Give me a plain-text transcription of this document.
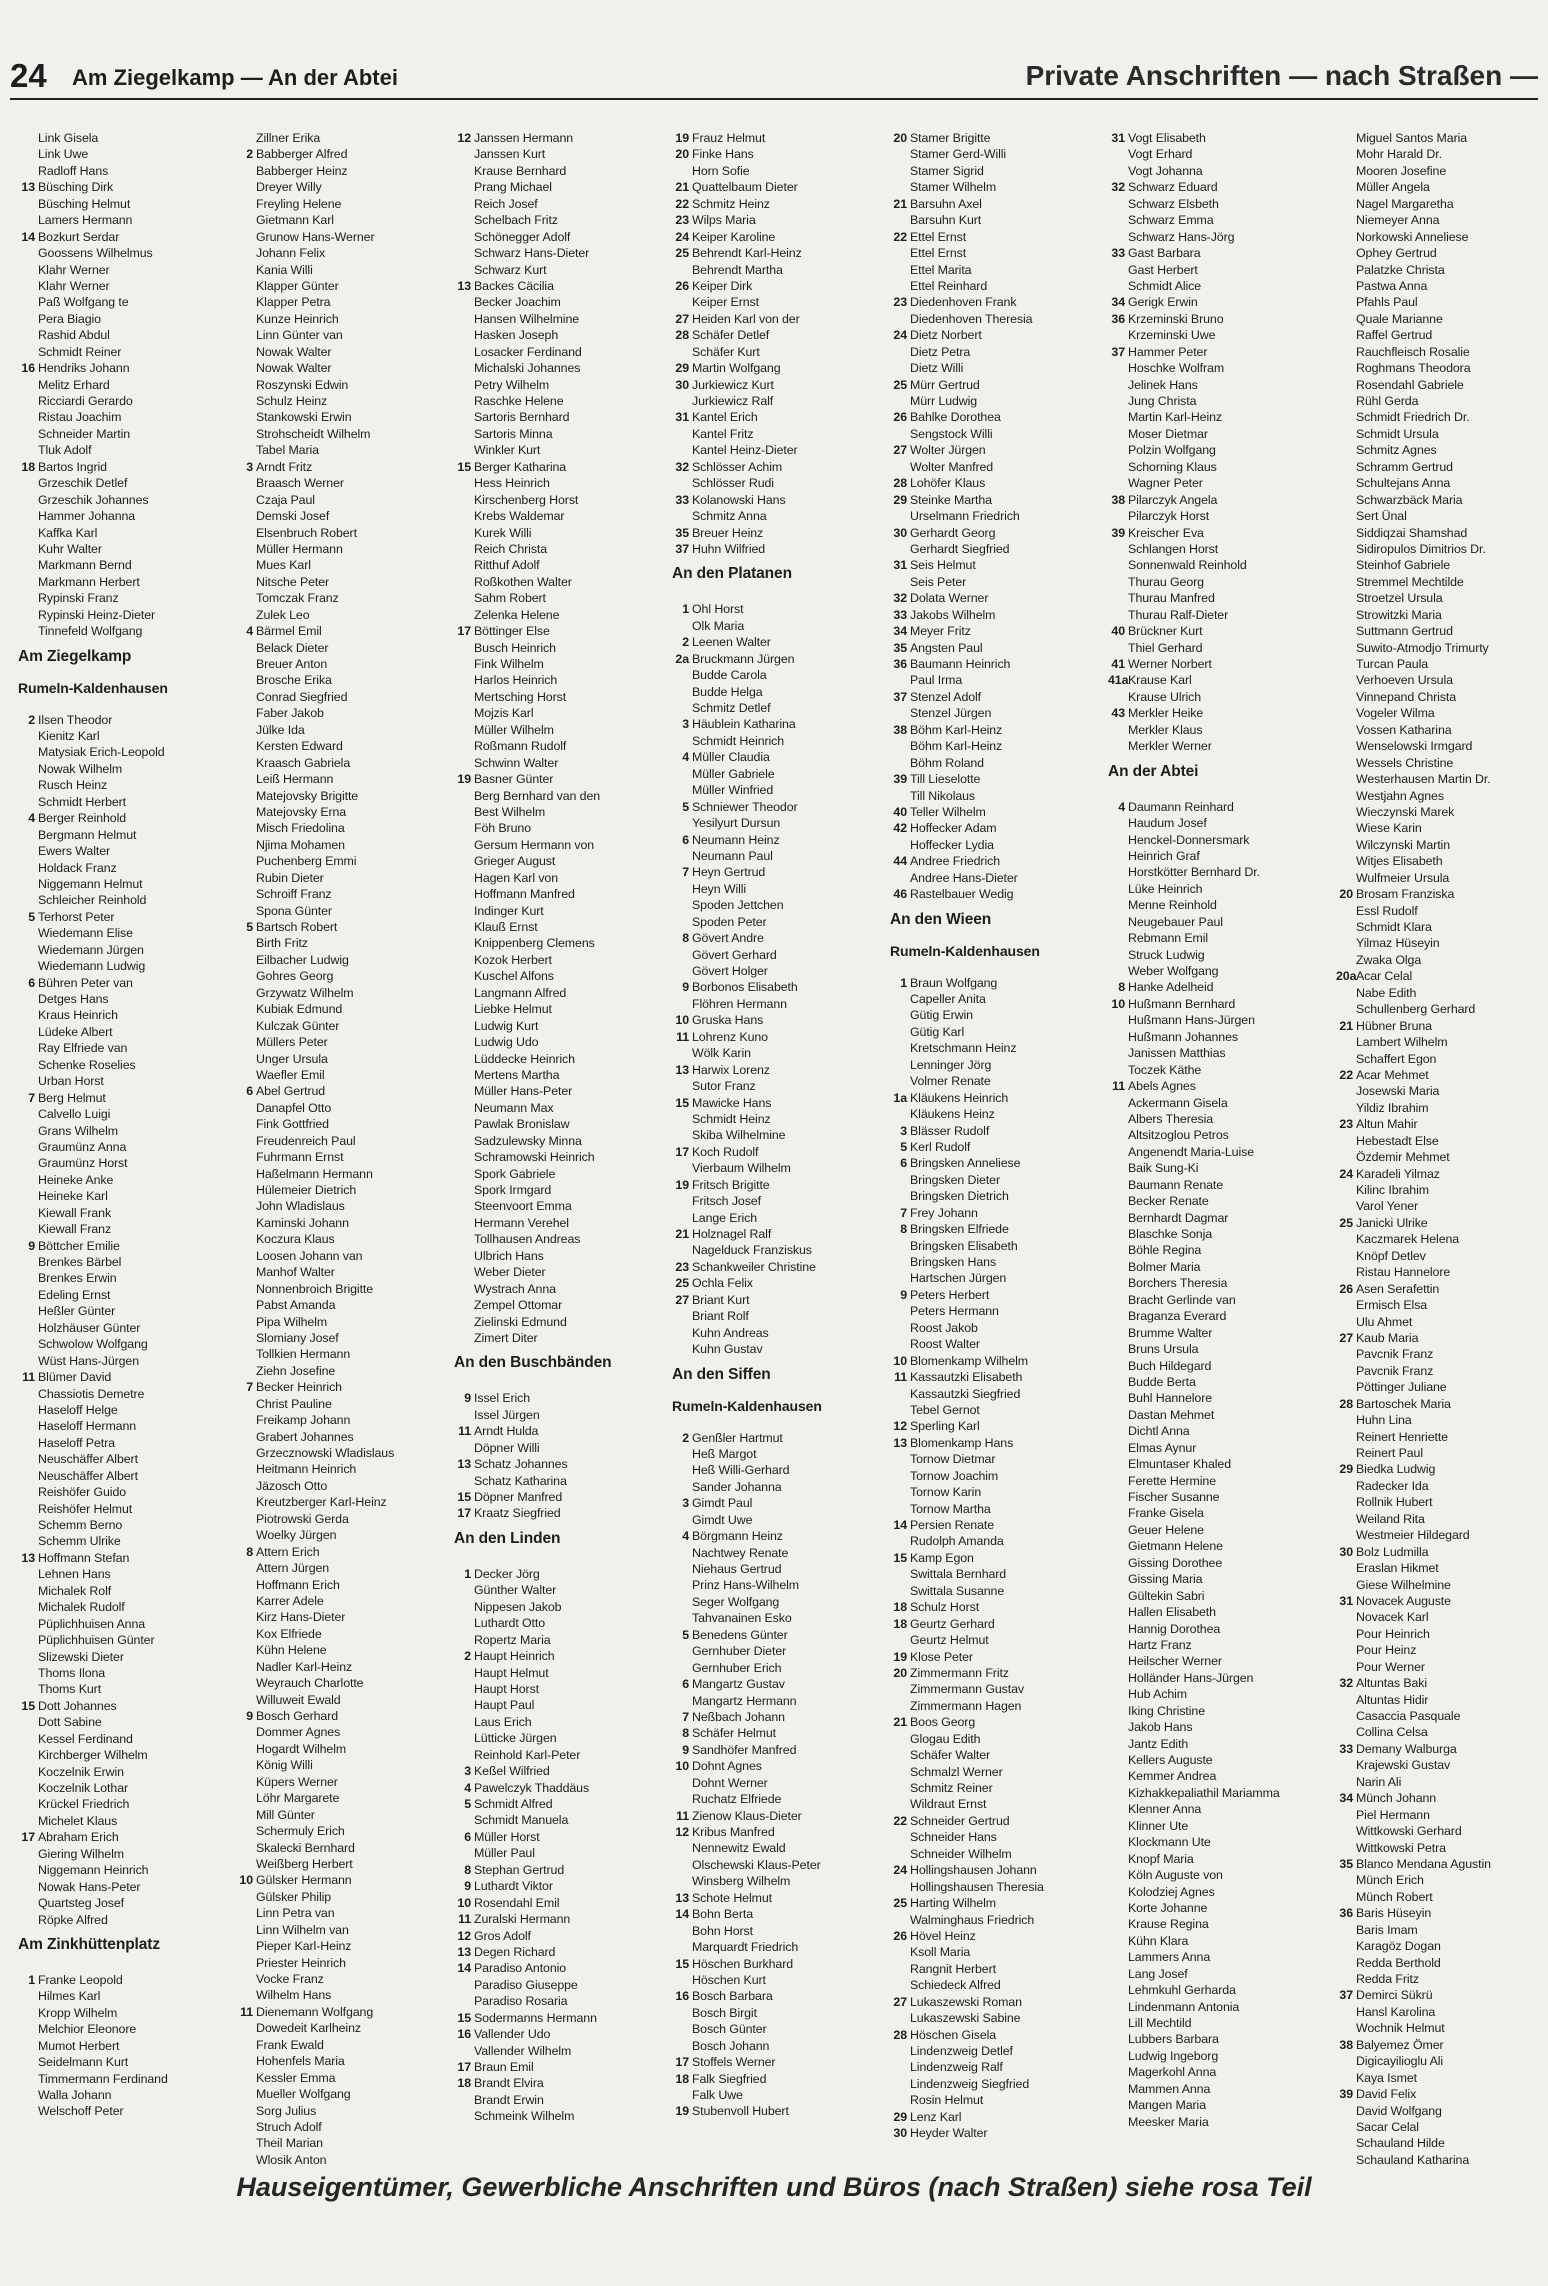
24 Am Ziegelkamp — An der Abtei	Private Anschriften — nach Straßen —
Link Gisela
Link Uwe
Radloff Hans
13 Büsching Dirk
Büsching Helmut
Lamers Hermann
14 Bozkurt Serdar
Goossens Wilhelmus
Klahr Werner
Klahr Werner
Paß Wolfgang te
Pera Biagio
Rashid Abdul
Schmidt Reiner
16 Hendriks Johann
Melitz Erhard
Ricciardi Gerardo
Ristau Joachim
Schneider Martin
Tluk Adolf
18 Bartos Ingrid
Grzeschik Detlef
Grzeschik Johannes
Hammer Johanna
Kaffka Karl
Kuhr Walter
Markmann Bernd
Markmann Herbert
Rypinski Franz
Rypinski Heinz-Dieter
Tinnefeld Wolfgang
Am Ziegelkamp
Rumeln-Kaldenhausen
2 Ilsen Theodor
Kienitz Karl
Matysiak Erich-Leopold
Nowak Wilhelm
Rusch Heinz
Schmidt Herbert
4 Berger Reinhold
Bergmann Helmut
Ewers Walter
Holdack Franz
Niggemann Helmut
Schleicher Reinhold
5 Terhorst Peter
Wiedemann Elise
Wiedemann Jürgen
Wiedemann Ludwig
6 Bühren Peter van
Detges Hans
Kraus Heinrich
Lüdeke Albert
Ray Elfriede van
Schenke Roselies
Urban Horst
7 Berg Helmut
Calvello Luigi
Grans Wilhelm
Graumünz Anna
Graumünz Horst
Heineke Anke
Heineke Karl
Kiewall Frank
Kiewall Franz
9 Böttcher Emilie
Brenkes Bärbel
Brenkes Erwin
Edeling Ernst
Heßler Günter
Holzhäuser Günter
Schwolow Wolfgang
Wüst Hans-Jürgen
11 Blümer David
Chassiotis Demetre
Haseloff Helge
Haseloff Hermann
Haseloff Petra
Neuschäffer Albert
Neuschäffer Albert
Reishöfer Guido
Reishöfer Helmut
Schemm Berno
Schemm Ulrike
13 Hoffmann Stefan
Lehnen Hans
Michalek Rolf
Michalek Rudolf
Püplichhuisen Anna
Püplichhuisen Günter
Slizewski Dieter
Thoms Ilona
Thoms Kurt
15 Dott Johannes
Dott Sabine
Kessel Ferdinand
Kirchberger Wilhelm
Koczelnik Erwin
Koczelnik Lothar
Krückel Friedrich
Michelet Klaus
17 Abraham Erich
Giering Wilhelm
Niggemann Heinrich
Nowak Hans-Peter
Quartsteg Josef
Röpke Alfred
Am Zinkhüttenplatz
1 Franke Leopold
Hilmes Karl
Kropp Wilhelm
Melchior Eleonore
Mumot Herbert
Seidelmann Kurt
Timmermann Ferdinand
Walla Johann
Welschoff Peter
Zillner Erika
2 Babberger Alfred
Babberger Heinz
Dreyer Willy
Freyling Helene
Gietmann Karl
Grunow Hans-Werner
Johann Felix
Kania Willi
Klapper Günter
Klapper Petra
Kunze Heinrich
Linn Günter van
Nowak Walter
Nowak Walter
Roszynski Edwin
Schulz Heinz
Stankowski Erwin
Strohscheidt Wilhelm
Tabel Maria
3 Arndt Fritz
Braasch Werner
Czaja Paul
Demski Josef
Elsenbruch Robert
Müller Hermann
Mues Karl
Nitsche Peter
Tomczak Franz
Zulek Leo
4 Bärmel Emil
Belack Dieter
Breuer Anton
Brosche Erika
Conrad Siegfried
Faber Jakob
Jülke Ida
Kersten Edward
Kraasch Gabriela
Leiß Hermann
Matejovsky Brigitte
Matejovsky Erna
Misch Friedolina
Njima Mohamen
Puchenberg Emmi
Rubin Dieter
Schroiff Franz
Spona Günter
5 Bartsch Robert
Birth Fritz
Eilbacher Ludwig
Gohres Georg
Grzywatz Wilhelm
Kubiak Edmund
Kulczak Günter
Müllers Peter
Unger Ursula
Waefler Emil
6 Abel Gertrud
Danapfel Otto
Fink Gottfried
Freudenreich Paul
Fuhrmann Ernst
Haßelmann Hermann
Hülemeier Dietrich
John Wladislaus
Kaminski Johann
Koczura Klaus
Loosen Johann van
Manhof Walter
Nonnenbroich Brigitte
Pabst Amanda
Pipa Wilhelm
Slomiany Josef
Tollkien Hermann
Ziehn Josefine
7 Becker Heinrich
Christ Pauline
Freikamp Johann
Grabert Johannes
Grzecznowski Wladislaus
Heitmann Heinrich
Jäzosch Otto
Kreutzberger Karl-Heinz
Piotrowski Gerda
Woelky Jürgen
8 Attern Erich
Attern Jürgen
Hoffmann Erich
Karrer Adele
Kirz Hans-Dieter
Kox Elfriede
Kühn Helene
Nadler Karl-Heinz
Weyrauch Charlotte
Willuweit Ewald
9 Bosch Gerhard
Dommer Agnes
Hogardt Wilhelm
König Willi
Küpers Werner
Löhr Margarete
Mill Günter
Schermuly Erich
Skalecki Bernhard
Weißberg Herbert
10 Gülsker Hermann
Gülsker Philip
Linn Petra van
Linn Wilhelm van
Pieper Karl-Heinz
Priester Heinrich
Vocke Franz
Wilhelm Hans
11 Dienemann Wolfgang
Dowedeit Karlheinz
Frank Ewald
Hohenfels Maria
Kessler Emma
Mueller Wolfgang
Sorg Julius
Struch Adolf
Theil Marian
Wlosik Anton
12 Janssen Hermann
Janssen Kurt
Krause Bernhard
Prang Michael
Reich Josef
Schelbach Fritz
Schönegger Adolf
Schwarz Hans-Dieter
Schwarz Kurt
13 Backes Cäcilia
Becker Joachim
Hansen Wilhelmine
Hasken Joseph
Losacker Ferdinand
Michalski Johannes
Petry Wilhelm
Raschke Helene
Sartoris Bernhard
Sartoris Minna
Winkler Kurt
15 Berger Katharina
Hess Heinrich
Kirschenberg Horst
Krebs Waldemar
Kurek Willi
Reich Christa
Ritthuf Adolf
Roßkothen Walter
Sahm Robert
Zelenka Helene
17 Böttinger Else
Busch Heinrich
Fink Wilhelm
Harlos Heinrich
Mertsching Horst
Mojzis Karl
Müller Wilhelm
Roßmann Rudolf
Schwinn Walter
19 Basner Günter
Berg Bernhard van den
Best Wilhelm
Föh Bruno
Gersum Hermann von
Grieger August
Hagen Karl von
Hoffmann Manfred
Indinger Kurt
Klauß Ernst
Knippenberg Clemens
Kozok Herbert
Kuschel Alfons
Langmann Alfred
Liebke Helmut
Ludwig Kurt
Ludwig Udo
Lüddecke Heinrich
Mertens Martha
Müller Hans-Peter
Neumann Max
Pawlak Bronislaw
Sadzulewsky Minna
Schramowski Heinrich
Spork Gabriele
Spork Irmgard
Steenvoort Emma
Hermann Verehel
Tollhausen Andreas
Ulbrich Hans
Weber Dieter
Wystrach Anna
Zempel Ottomar
Zielinski Edmund
Zimert Diter
An den Buschbänden
9 Issel Erich
Issel Jürgen
11 Arndt Hulda
Döpner Willi
13 Schatz Johannes
Schatz Katharina
15 Döpner Manfred
17 Kraatz Siegfried
An den Linden
1 Decker Jörg
Günther Walter
Nippesen Jakob
Luthardt Otto
Ropertz Maria
2 Haupt Heinrich
Haupt Helmut
Haupt Horst
Haupt Paul
Laus Erich
Lütticke Jürgen
Reinhold Karl-Peter
3 Keßel Wilfried
4 Pawelczyk Thaddäus
5 Schmidt Alfred
Schmidt Manuela
6 Müller Horst
Müller Paul
8 Stephan Gertrud
9 Luthardt Viktor
10 Rosendahl Emil
11 Zuralski Hermann
12 Gros Adolf
13 Degen Richard
14 Paradiso Antonio
Paradiso Giuseppe
Paradiso Rosaria
15 Sodermanns Hermann
16 Vallender Udo
Vallender Wilhelm
17 Braun Emil
18 Brandt Elvira
Brandt Erwin
Schmeink Wilhelm
19 Frauz Helmut
20 Finke Hans
Horn Sofie
21 Quattelbaum Dieter
22 Schmitz Heinz
23 Wilps Maria
24 Keiper Karoline
25 Behrendt Karl-Heinz
Behrendt Martha
26 Keiper Dirk
Keiper Ernst
27 Heiden Karl von der
28 Schäfer Detlef
Schäfer Kurt
29 Martin Wolfgang
30 Jurkiewicz Kurt
Jurkiewicz Ralf
31 Kantel Erich
Kantel Fritz
Kantel Heinz-Dieter
32 Schlösser Achim
Schlösser Rudi
33 Kolanowski Hans
Schmitz Anna
35 Breuer Heinz
37 Huhn Wilfried
An den Platanen
1 Ohl Horst
Olk Maria
2 Leenen Walter
2a Bruckmann Jürgen
Budde Carola
Budde Helga
Schmitz Detlef
3 Häublein Katharina
Schmidt Heinrich
4 Müller Claudia
Müller Gabriele
Müller Winfried
5 Schniewer Theodor
Yesilyurt Dursun
6 Neumann Heinz
Neumann Paul
7 Heyn Gertrud
Heyn Willi
Spoden Jettchen
Spoden Peter
8 Gövert Andre
Gövert Gerhard
Gövert Holger
9 Borbonos Elisabeth
Flöhren Hermann
10 Gruska Hans
11 Lohrenz Kuno
Wölk Karin
13 Harwix Lorenz
Sutor Franz
15 Mawicke Hans
Schmidt Heinz
Skiba Wilhelmine
17 Koch Rudolf
Vierbaum Wilhelm
19 Fritsch Brigitte
Fritsch Josef
Lange Erich
21 Holznagel Ralf
Nagelduck Franziskus
23 Schankweiler Christine
25 Ochla Felix
27 Briant Kurt
Briant Rolf
Kuhn Andreas
Kuhn Gustav
An den Siffen
Rumeln-Kaldenhausen
2 Genßler Hartmut
Heß Margot
Heß Willi-Gerhard
Sander Johanna
3 Gimdt Paul
Gimdt Uwe
4 Börgmann Heinz
Nachtwey Renate
Niehaus Gertrud
Prinz Hans-Wilhelm
Seger Wolfgang
Tahvanainen Esko
5 Benedens Günter
Gernhuber Dieter
Gernhuber Erich
6 Mangartz Gustav
Mangartz Hermann
7 Neßbach Johann
8 Schäfer Helmut
9 Sandhöfer Manfred
10 Dohnt Agnes
Dohnt Werner
Ruchatz Elfriede
11 Zienow Klaus-Dieter
12 Kribus Manfred
Nennewitz Ewald
Olschewski Klaus-Peter
Winsberg Wilhelm
13 Schote Helmut
14 Bohn Berta
Bohn Horst
Marquardt Friedrich
15 Höschen Burkhard
Höschen Kurt
16 Bosch Barbara
Bosch Birgit
Bosch Günter
Bosch Johann
17 Stoffels Werner
18 Falk Siegfried
Falk Uwe
19 Stubenvoll Hubert
20 Stamer Brigitte
Stamer Gerd-Willi
Stamer Sigrid
Stamer Wilhelm
21 Barsuhn Axel
Barsuhn Kurt
22 Ettel Ernst
Ettel Ernst
Ettel Marita
Ettel Reinhard
23 Diedenhoven Frank
Diedenhoven Theresia
24 Dietz Norbert
Dietz Petra
Dietz Willi
25 Mürr Gertrud
Mürr Ludwig
26 Bahlke Dorothea
Sengstock Willi
27 Wolter Jürgen
Wolter Manfred
28 Lohöfer Klaus
29 Steinke Martha
Urselmann Friedrich
30 Gerhardt Georg
Gerhardt Siegfried
31 Seis Helmut
Seis Peter
32 Dolata Werner
33 Jakobs Wilhelm
34 Meyer Fritz
35 Angsten Paul
36 Baumann Heinrich
Paul Irma
37 Stenzel Adolf
Stenzel Jürgen
38 Böhm Karl-Heinz
Böhm Karl-Heinz
Böhm Roland
39 Till Lieselotte
Till Nikolaus
40 Teller Wilhelm
42 Hoffecker Adam
Hoffecker Lydia
44 Andree Friedrich
Andree Hans-Dieter
46 Rastelbauer Wedig
An den Wieen
Rumeln-Kaldenhausen
1 Braun Wolfgang
Capeller Anita
Gütig Erwin
Gütig Karl
Kretschmann Heinz
Lenninger Jörg
Volmer Renate
1a Kläukens Heinrich
Kläukens Heinz
3 Blässer Rudolf
5 Kerl Rudolf
6 Bringsken Anneliese
Bringsken Dieter
Bringsken Dietrich
7 Frey Johann
8 Bringsken Elfriede
Bringsken Elisabeth
Bringsken Hans
Hartschen Jürgen
9 Peters Herbert
Peters Hermann
Roost Jakob
Roost Walter
10 Blomenkamp Wilhelm
11 Kassautzki Elisabeth
Kassautzki Siegfried
Tebel Gernot
12 Sperling Karl
13 Blomenkamp Hans
Tornow Dietmar
Tornow Joachim
Tornow Karin
Tornow Martha
14 Persien Renate
Rudolph Amanda
15 Kamp Egon
Swittala Bernhard
Swittala Susanne
18 Schulz Horst
18 Geurtz Gerhard
Geurtz Helmut
19 Klose Peter
20 Zimmermann Fritz
Zimmermann Gustav
Zimmermann Hagen
21 Boos Georg
Glogau Edith
Schäfer Walter
Schmalzl Werner
Schmitz Reiner
Wildraut Ernst
22 Schneider Gertrud
Schneider Hans
Schneider Wilhelm
24 Hollingshausen Johann
Hollingshausen Theresia
25 Harting Wilhelm
Walminghaus Friedrich
26 Hövel Heinz
Ksoll Maria
Rangnit Herbert
Schiedeck Alfred
27 Lukaszewski Roman
Lukaszewski Sabine
28 Höschen Gisela
Lindenzweig Detlef
Lindenzweig Ralf
Lindenzweig Siegfried
Rosin Helmut
29 Lenz Karl
30 Heyder Walter
31 Vogt Elisabeth
Vogt Erhard
Vogt Johanna
32 Schwarz Eduard
Schwarz Elsbeth
Schwarz Emma
Schwarz Hans-Jörg
33 Gast Barbara
Gast Herbert
Schmidt Alice
34 Gerigk Erwin
36 Krzeminski Bruno
Krzeminski Uwe
37 Hammer Peter
Hoschke Wolfram
Jelinek Hans
Jung Christa
Martin Karl-Heinz
Moser Dietmar
Polzin Wolfgang
Schorning Klaus
Wagner Peter
38 Pilarczyk Angela
Pilarczyk Horst
39 Kreischer Eva
Schlangen Horst
Sonnenwald Reinhold
Thurau Georg
Thurau Manfred
Thurau Ralf-Dieter
40 Brückner Kurt
Thiel Gerhard
41 Werner Norbert
41aKrause Karl
Krause Ulrich
43 Merkler Heike
Merkler Klaus
Merkler Werner
An der Abtei
4 Daumann Reinhard
Haudum Josef
Henckel-Donnersmark
Heinrich Graf
Horstkötter Bernhard Dr.
Lüke Heinrich
Menne Reinhold
Neugebauer Paul
Rebmann Emil
Struck Ludwig
Weber Wolfgang
8 Hanke Adelheid
10 Hußmann Bernhard
Hußmann Hans-Jürgen
Hußmann Johannes
Janissen Matthias
Toczek Käthe
11 Abels Agnes
Ackermann Gisela
Albers Theresia
Altsitzoglou Petros
Angenendt Maria-Luise
Baik Sung-Ki
Baumann Renate
Becker Renate
Bernhardt Dagmar
Blaschke Sonja
Böhle Regina
Bolmer Maria
Borchers Theresia
Bracht Gerlinde van
Braganza Everard
Brumme Walter
Bruns Ursula
Buch Hildegard
Budde Berta
Buhl Hannelore
Dastan Mehmet
Dichtl Anna
Elmas Aynur
Elmuntaser Khaled
Ferette Hermine
Fischer Susanne
Franke Gisela
Geuer Helene
Gietmann Helene
Gissing Dorothee
Gissing Maria
Gültekin Sabri
Hallen Elisabeth
Hannig Dorothea
Hartz Franz
Heilscher Werner
Holländer Hans-Jürgen
Hub Achim
Iking Christine
Jakob Hans
Jantz Edith
Kellers Auguste
Kemmer Andrea
Kizhakkepaliathil Mariamma
Klenner Anna
Klinner Ute
Klockmann Ute
Knopf Maria
Köln Auguste von
Kolodziej Agnes
Korte Johanne
Krause Regina
Kühn Klara
Lammers Anna
Lang Josef
Lehmkuhl Gerharda
Lindenmann Antonia
Lill Mechtild
Lubbers Barbara
Ludwig Ingeborg
Magerkohl Anna
Mammen Anna
Mangen Maria
Meesker Maria
Miguel Santos Maria
Mohr Harald Dr.
Mooren Josefine
Müller Angela
Nagel Margaretha
Niemeyer Anna
Norkowski Anneliese
Ophey Gertrud
Palatzke Christa
Pastwa Anna
Pfahls Paul
Quale Marianne
Raffel Gertrud
Rauchfleisch Rosalie
Roghmans Theodora
Rosendahl Gabriele
Rühl Gerda
Schmidt Friedrich Dr.
Schmidt Ursula
Schmitz Agnes
Schramm Gertrud
Schultejans Anna
Schwarzbäck Maria
Sert Ünal
Siddiqzai Shamshad
Sidiropulos Dimitrios Dr.
Steinhof Gabriele
Stremmel Mechtilde
Stroetzel Ursula
Strowitzki Maria
Suttmann Gertrud
Suwito-Atmodjo Trimurty
Turcan Paula
Verhoeven Ursula
Vinnepand Christa
Vogeler Wilma
Vossen Katharina
Wenselowski Irmgard
Wessels Christine
Westerhausen Martin Dr.
Westjahn Agnes
Wieczynski Marek
Wiese Karin
Wilczynski Martin
Witjes Elisabeth
Wulfmeier Ursula
20 Brosam Franziska
Essl Rudolf
Schmidt Klara
Yilmaz Hüseyin
Zwaka Olga
20aAcar Celal
Nabe Edith
Schullenberg Gerhard
21 Hübner Bruna
Lambert Wilhelm
Schaffert Egon
22 Acar Mehmet
Josewski Maria
Yildiz Ibrahim
23 Altun Mahir
Hebestadt Else
Özdemir Mehmet
24 Karadeli Yilmaz
Kilinc Ibrahim
Varol Yener
25 Janicki Ulrike
Kaczmarek Helena
Knöpf Detlev
Ristau Hannelore
26 Asen Serafettin
Ermisch Elsa
Ulu Ahmet
27 Kaub Maria
Pavcnik Franz
Pavcnik Franz
Pöttinger Juliane
28 Bartoschek Maria
Huhn Lina
Reinert Henriette
Reinert Paul
29 Biedka Ludwig
Radecker Ida
Rollnik Hubert
Weiland Rita
Westmeier Hildegard
30 Bolz Ludmilla
Eraslan Hikmet
Giese Wilhelmine
31 Novacek Auguste
Novacek Karl
Pour Heinrich
Pour Heinz
Pour Werner
32 Altuntas Baki
Altuntas Hidir
Casaccia Pasquale
Collina Celsa
33 Demany Walburga
Krajewski Gustav
Narin Ali
34 Münch Johann
Piel Hermann
Wittkowski Gerhard
Wittkowski Petra
35 Blanco Mendana Agustin
Münch Erich
Münch Robert
36 Baris Hüseyin
Baris Imam
Karagöz Dogan
Redda Berthold
Redda Fritz
37 Demirci Sükrü
Hansl Karolina
Wochnik Helmut
38 Balyemez Ömer
Digicayilioglu Ali
Kaya Ismet
39 David Felix
David Wolfgang
Sacar Celal
Schauland Hilde
Schauland Katharina
Hauseigentümer, Gewerbliche Anschriften und Büros (nach Straßen) siehe rosa Teil
